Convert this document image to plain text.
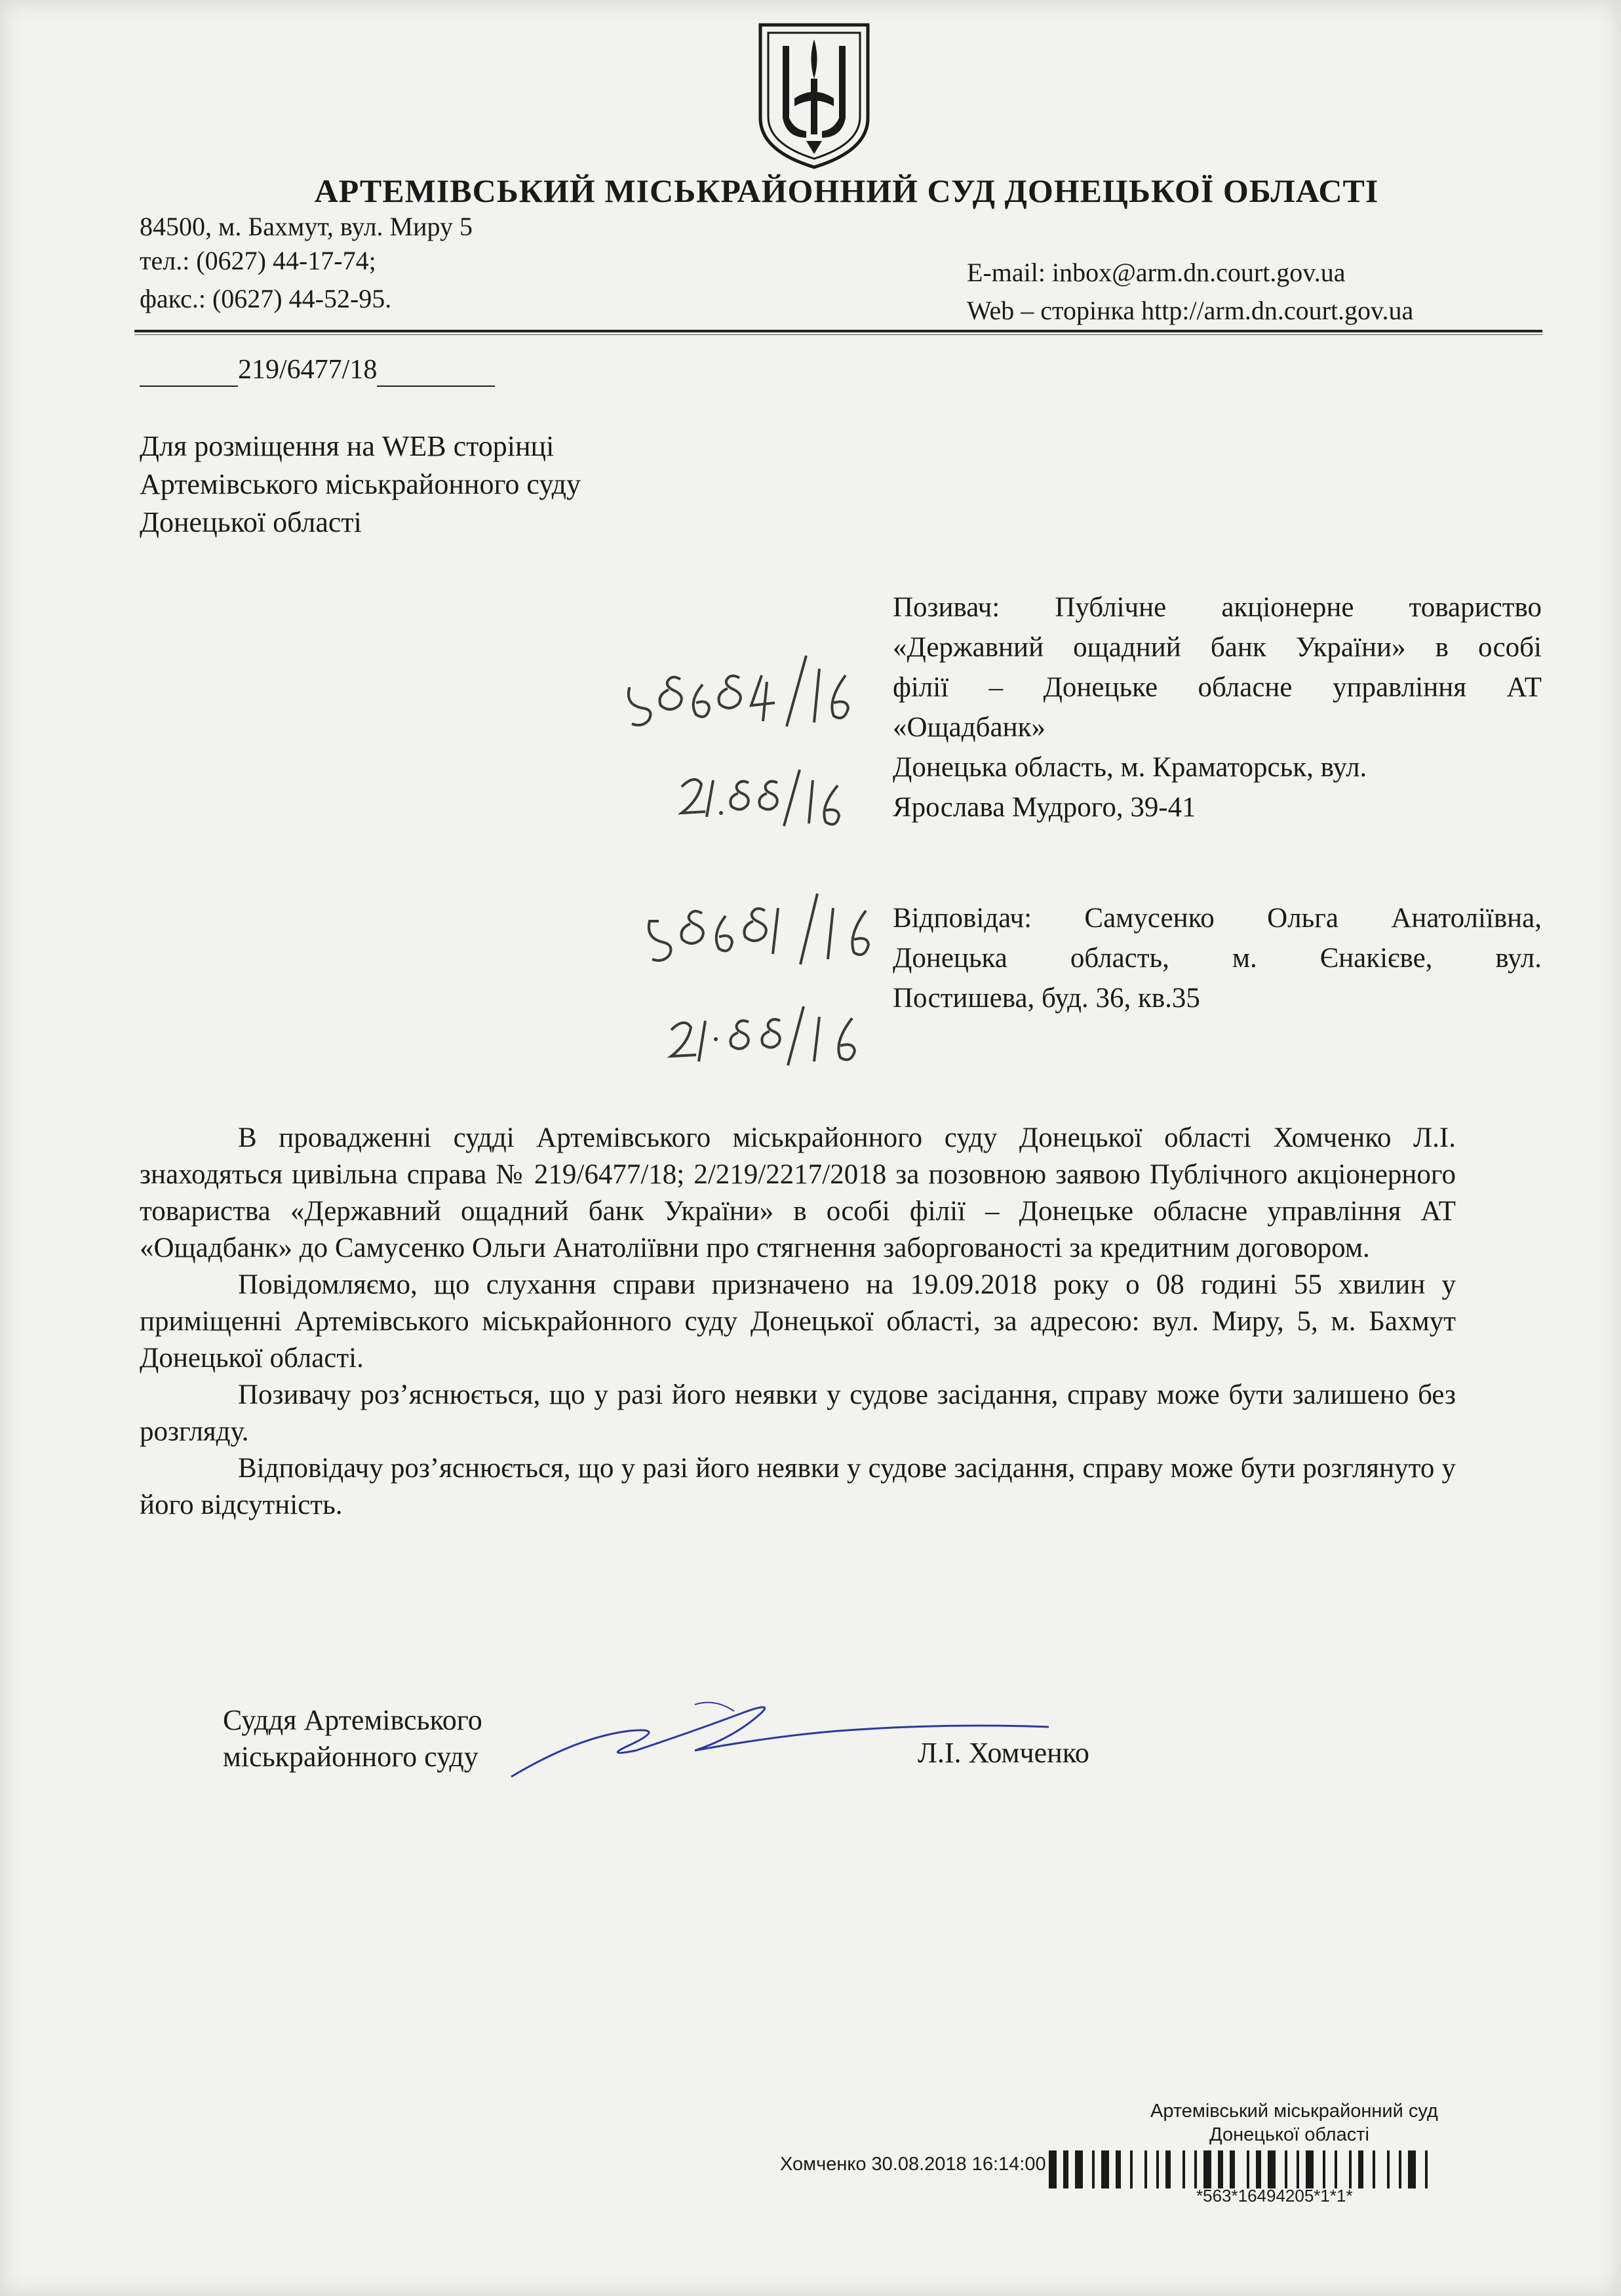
АРТЕМІВСЬКИЙ МІСЬКРАЙОННИЙ СУД ДОНЕЦЬКОЇ ОБЛАСТІ
84500, м. Бахмут, вул. Миру 5
тел.: (0627) 44-17-74;
факс.: (0627) 44-52-95.
E-mail: inbox@arm.dn.court.gov.ua
Web – сторінка http://arm.dn.court.gov.ua
219/6477/18
Для розміщення на WEB сторінці
Артемівського міськрайонного суду
Донецької області
Позивач: Публічне акціонерне товариство
«Державний ощадний банк України» в особі
філії – Донецьке обласне управління АТ
«Ощадбанк»
Донецька область, м. Краматорськ, вул.
Ярослава Мудрого, 39-41
Відповідач: Самусенко Ольга Анатоліївна,
Донецька область, м. Єнакієве, вул.
Постишева, буд. 36, кв.35

В провадженні судді Артемівського міськрайонного суду Донецької області Хомченко Л.І. знаходяться цивільна справа № 219/6477/18; 2/219/2217/2018 за позовною заявою Публічного акціонерного товариства «Державний ощадний банк України» в особі філії – Донецьке обласне управління АТ «Ощадбанк» до Самусенко Ольги Анатоліївни про стягнення заборгованості за кредитним договором.

Повідомляємо, що слухання справи призначено на 19.09.2018 року о 08 годині 55 хвилин у приміщенні Артемівського міськрайонного суду Донецької області, за адресою: вул. Миру, 5, м. Бахмут Донецької області.

Позивачу роз’яснюється, що у разі його неявки у судове засідання, справу може бути залишено без розгляду.

Відповідачу роз’яснюється, що у разі його неявки у судове засідання, справу може бути розглянуто у його відсутність.

Суддя Артемівського
міськрайонного суду	Л.І. Хомченко
Артемівський міськрайонний суд
Донецької області
Хомченко 30.08.2018 16:14:00
*563*16494205*1*1*
